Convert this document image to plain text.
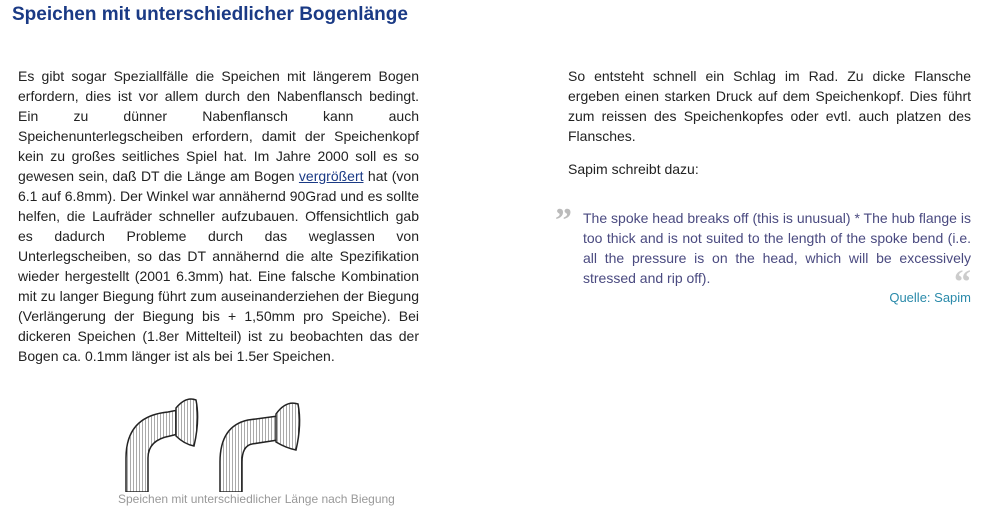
Speichen mit unterschiedlicher Bogenlänge

Es gibt sogar Speziallfälle die Speichen mit längerem Bogen erfordern, dies ist vor allem durch den Nabenflansch bedingt. Ein zu dünner Nabenflansch kann auch Speichenunterlegscheiben erfordern, damit der Speichenkopf kein zu großes seitliches Spiel hat. Im Jahre 2000 soll es so gewesen sein, daß DT die Länge am Bogen vergrößert hat (von 6.1 auf 6.8mm). Der Winkel war annähernd 90Grad und es sollte helfen, die Laufräder schneller aufzubauen. Offensichtlich gab es dadurch Probleme durch das weglassen von Unterlegscheiben, so das DT annähernd die alte Spezifikation wieder hergestellt (2001 6.3mm) hat. Eine falsche Kombination mit zu langer Biegung führt zum auseinanderziehen der Biegung (Verlängerung der Biegung bis + 1,50mm pro Speiche). Bei dickeren Speichen (1.8er Mittelteil) ist zu beobachten das der Bogen ca. 0.1mm länger ist als bei 1.5er Speichen.

Speichen mit unterschiedlicher Länge nach Biegung

So entsteht schnell ein Schlag im Rad. Zu dicke Flansche ergeben einen starken Druck auf dem Speichenkopf. Dies führt zum reissen des Speichenkopfes oder evtl. auch platzen des Flansches.

Sapim schreibt dazu:

” The spoke head breaks off (this is unusual) * The hub flange is too thick and is not suited to the length of the spoke bend (i.e. all the pressure is on the head, which will be excessively stressed and rip off).	“
Quelle: Sapim
